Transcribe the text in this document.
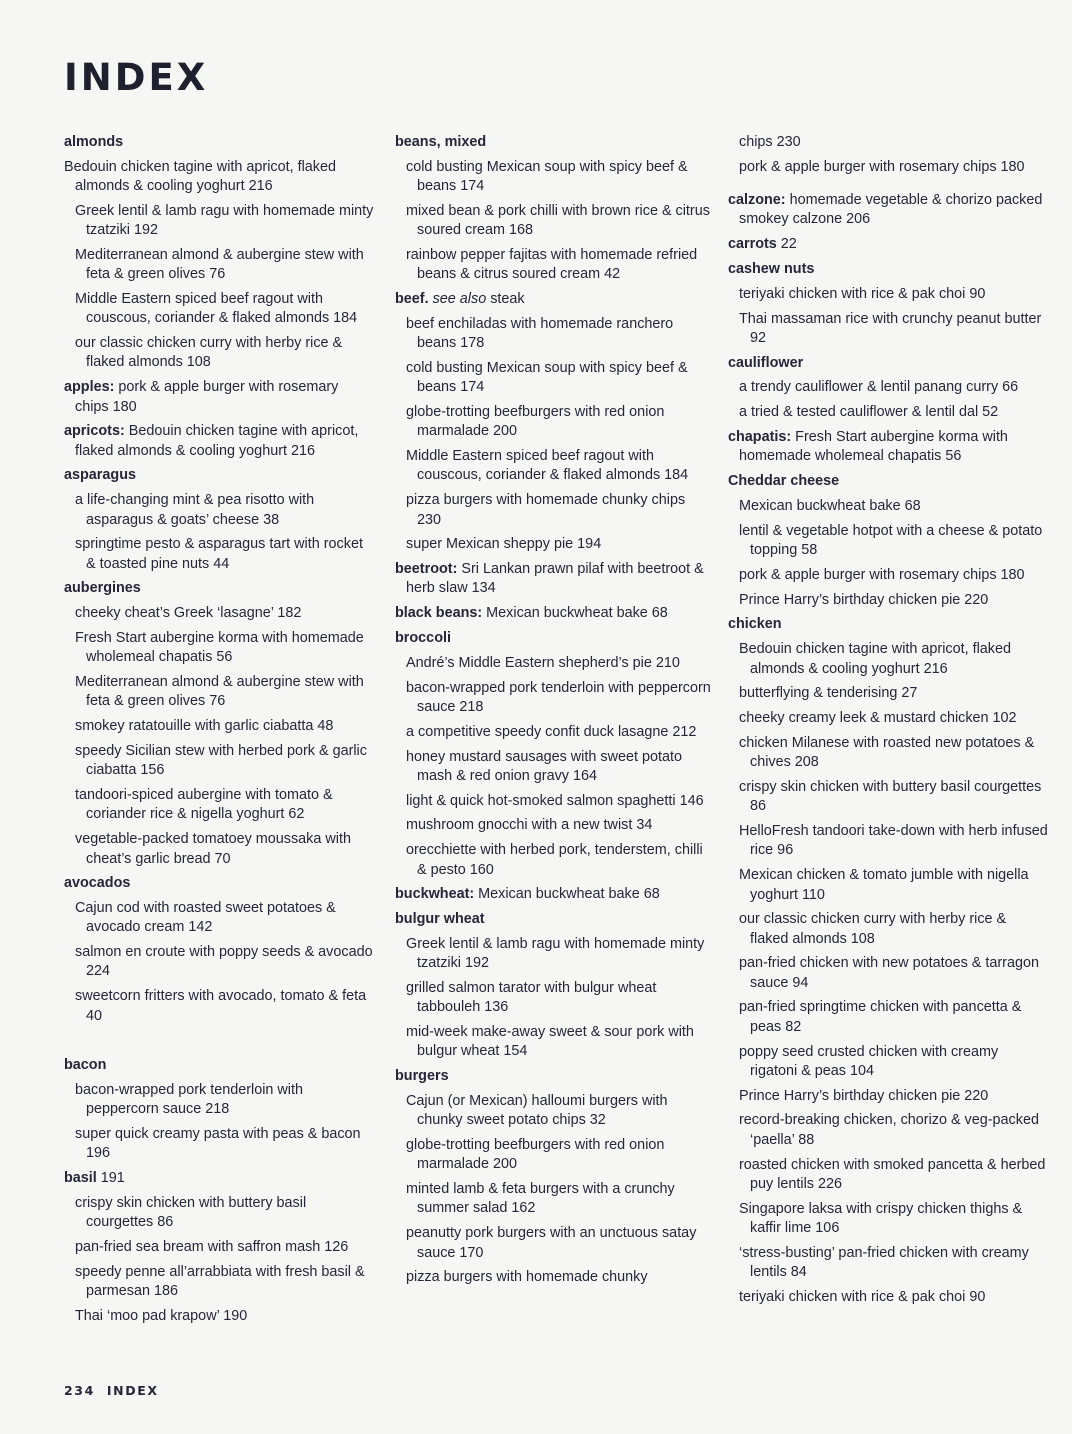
INDEX
almonds
Bedouin chicken tagine with apricot, flaked almonds & cooling yoghurt 216
Greek lentil & lamb ragu with homemade minty tzatziki 192
Mediterranean almond & aubergine stew with feta & green olives 76
Middle Eastern spiced beef ragout with couscous, coriander & flaked almonds 184
our classic chicken curry with herby rice & flaked almonds 108
apples: pork & apple burger with rosemary chips 180
apricots: Bedouin chicken tagine with apricot, flaked almonds & cooling yoghurt 216
asparagus
a life-changing mint & pea risotto with asparagus & goats’ cheese 38
springtime pesto & asparagus tart with rocket & toasted pine nuts 44
aubergines
cheeky cheat’s Greek ‘lasagne’ 182
Fresh Start aubergine korma with homemade wholemeal chapatis 56
Mediterranean almond & aubergine stew with feta & green olives 76
smokey ratatouille with garlic ciabatta 48
speedy Sicilian stew with herbed pork & garlic ciabatta 156
tandoori-spiced aubergine with tomato & coriander rice & nigella yoghurt 62
vegetable-packed tomatoey moussaka with cheat’s garlic bread 70
avocados
Cajun cod with roasted sweet potatoes & avocado cream 142
salmon en croute with poppy seeds & avocado 224
sweetcorn fritters with avocado, tomato & feta 40
bacon
bacon-wrapped pork tenderloin with peppercorn sauce 218
super quick creamy pasta with peas & bacon 196
basil 191
crispy skin chicken with buttery basil courgettes 86
pan-fried sea bream with saffron mash 126
speedy penne all’arrabbiata with fresh basil & parmesan 186
Thai ‘moo pad krapow’ 190
beans, mixed
cold busting Mexican soup with spicy beef & beans 174
mixed bean & pork chilli with brown rice & citrus soured cream 168
rainbow pepper fajitas with homemade refried beans & citrus soured cream 42
beef. see also steak
beef enchiladas with homemade ranchero beans 178
cold busting Mexican soup with spicy beef & beans 174
globe-trotting beefburgers with red onion marmalade 200
Middle Eastern spiced beef ragout with couscous, coriander & flaked almonds 184
pizza burgers with homemade chunky chips 230
super Mexican sheppy pie 194
beetroot: Sri Lankan prawn pilaf with beetroot & herb slaw 134
black beans: Mexican buckwheat bake 68
broccoli
André’s Middle Eastern shepherd’s pie 210
bacon-wrapped pork tenderloin with peppercorn sauce 218
a competitive speedy confit duck lasagne 212
honey mustard sausages with sweet potato mash & red onion gravy 164
light & quick hot-smoked salmon spaghetti 146
mushroom gnocchi with a new twist 34
orecchiette with herbed pork, tenderstem, chilli & pesto 160
buckwheat: Mexican buckwheat bake 68
bulgur wheat
Greek lentil & lamb ragu with homemade minty tzatziki 192
grilled salmon tarator with bulgur wheat tabbouleh 136
mid-week make-away sweet & sour pork with bulgur wheat 154
burgers
Cajun (or Mexican) halloumi burgers with chunky sweet potato chips 32
globe-trotting beefburgers with red onion marmalade 200
minted lamb & feta burgers with a crunchy summer salad 162
peanutty pork burgers with an unctuous satay sauce 170
pizza burgers with homemade chunky
chips 230
pork & apple burger with rosemary chips 180
calzone: homemade vegetable & chorizo packed smokey calzone 206
carrots 22
cashew nuts
teriyaki chicken with rice & pak choi 90
Thai massaman rice with crunchy peanut butter 92
cauliflower
a trendy cauliflower & lentil panang curry 66
a tried & tested cauliflower & lentil dal 52
chapatis: Fresh Start aubergine korma with homemade wholemeal chapatis 56
Cheddar cheese
Mexican buckwheat bake 68
lentil & vegetable hotpot with a cheese & potato topping 58
pork & apple burger with rosemary chips 180
Prince Harry’s birthday chicken pie 220
chicken
Bedouin chicken tagine with apricot, flaked almonds & cooling yoghurt 216
butterflying & tenderising 27
cheeky creamy leek & mustard chicken 102
chicken Milanese with roasted new potatoes & chives 208
crispy skin chicken with buttery basil courgettes 86
HelloFresh tandoori take-down with herb infused rice 96
Mexican chicken & tomato jumble with nigella yoghurt 110
our classic chicken curry with herby rice & flaked almonds 108
pan-fried chicken with new potatoes & tarragon sauce 94
pan-fried springtime chicken with pancetta & peas 82
poppy seed crusted chicken with creamy rigatoni & peas 104
Prince Harry’s birthday chicken pie 220
record-breaking chicken, chorizo & veg-packed ‘paella’ 88
roasted chicken with smoked pancetta & herbed puy lentils 226
Singapore laksa with crispy chicken thighs & kaffir lime 106
‘stress-busting’ pan-fried chicken with creamy lentils 84
teriyaki chicken with rice & pak choi 90
234 INDEX
